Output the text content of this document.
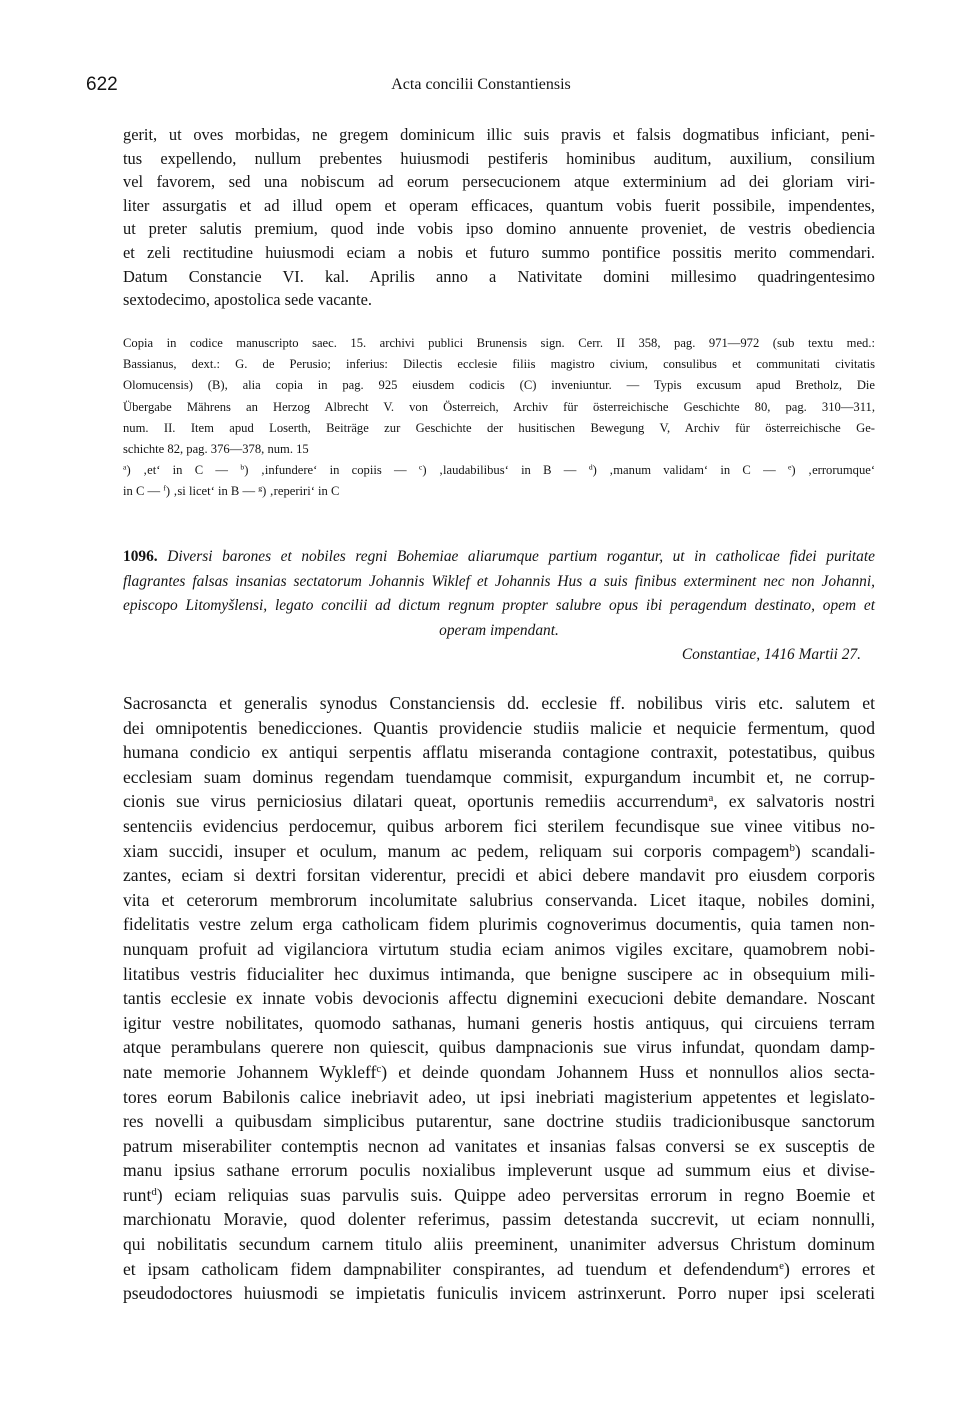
622	Acta concilii Constantiensis
gerit, ut oves morbidas, ne gregem dominicum illic suis pravis et falsis dogmatibus inficiant, peni-
tus expellendo, nullum prebentes huiusmodi pestiferis hominibus auditum, auxilium, consilium
vel favorem, sed una nobiscum ad eorum persecucionem atque exterminium ad dei gloriam viri-
liter assurgatis et ad illud opem et operam efficaces, quantum vobis fuerit possibile, impendentes,
ut preter salutis premium, quod inde vobis ipso domino annuente proveniet, de vestris obediencia
et zeli rectitudine huiusmodi eciam a nobis et futuro summo pontifice possitis merito commendari.
Datum Constancie VI. kal. Aprilis anno a Nativitate domini millesimo quadringentesimo
sextodecimo, apostolica sede vacante.
Copia in codice manuscripto saec. 15. archivi publici Brunensis sign. Cerr. II 358, pag. 971—972 (sub textu med.:
Bassianus, dext.: G. de Perusio; inferius: Dilectis ecclesie filiis magistro civium, consulibus et communitati civitatis
Olomucensis) (B), alia copia in pag. 925 eiusdem codicis (C) inveniuntur. — Typis excusum apud Bretholz, Die
Übergabe Mährens an Herzog Albrecht V. von Österreich, Archiv für österreichische Geschichte 80, pag. 310—311,
num. II. Item apud Loserth, Beiträge zur Geschichte der husitischen Bewegung V, Archiv für österreichische Ge-
schichte 82, pag. 376—378, num. 15
$^a$) ‚et‘ in C — $^b$) ‚infundere‘ in copiis — $^c$) ‚laudabilibus‘ in B — $^d$) ‚manum validam‘ in C — $^e$) ‚errorumque‘
in C — $^f$) ‚si licet‘ in B — $^g$) ‚reperiri‘ in C
1096. Diversi barones et nobiles regni Bohemiae aliarumque partium rogantur, ut in catholicae fidei puritate
flagrantes falsas insanias sectatorum Johannis Wiklef et Johannis Hus a suis finibus exterminent nec non Johanni,
episcopo Litomyšlensi, legato concilii ad dictum regnum propter salubre opus ibi peragendum destinato, opem et
operam impendant.
Constantiae, 1416 Martii 27.
Sacrosancta et generalis synodus Constanciensis dd. ecclesie ff. nobilibus viris etc. salutem et
dei omnipotentis benedicciones. Quantis providencie studiis malicie et nequicie fermentum, quod
humana condicio ex antiqui serpentis afflatu miseranda contagione contraxit, potestatibus, quibus
ecclesiam suam dominus regendam tuendamque commisit, expurgandum incumbit et, ne corrup-
cionis sue virus perniciosius dilatari queat, oportunis remediis accurrendum$^a$, ex salvatoris nostri
sentenciis evidencius perdocemur, quibus arborem fici sterilem fecundisque sue vinee vitibus no-
xiam succidi, insuper et oculum, manum ac pedem, reliquam sui corporis compagem$^b$) scandali-
zantes, eciam si dextri forsitan viderentur, precidi et abici debere mandavit pro eiusdem corporis
vita et ceterorum membrorum incolumitate salubrius conservanda. Licet itaque, nobiles domini,
fidelitatis vestre zelum erga catholicam fidem plurimis cognoverimus documentis, quia tamen non-
nunquam profuit ad vigilanciora virtutum studia eciam animos vigiles excitare, quamobrem nobi-
litatibus vestris fiducialiter hec duximus intimanda, que benigne suscipere ac in obsequium mili-
tantis ecclesie ex innate vobis devocionis affectu dignemini execucioni debite demandare. Noscant
igitur vestre nobilitates, quomodo sathanas, humani generis hostis antiquus, qui circuiens terram
atque perambulans querere non quiescit, quibus dampnacionis sue virus infundat, quondam damp-
nate memorie Johannem Wykleff$^c$) et deinde quondam Johannem Huss et nonnullos alios secta-
tores eorum Babilonis calice inebriavit adeo, ut ipsi inebriati magisterium appetentes et legislato-
res novelli a quibusdam simplicibus putarentur, sane doctrine studiis tradicionibusque sanctorum
patrum miserabiliter contemptis necnon ad vanitates et insanias falsas conversi se ex susceptis de
manu ipsius sathane errorum poculis noxialibus impleverunt usque ad summum eius et divise-
runt$^d$) eciam reliquias suas parvulis suis. Quippe adeo perversitas errorum in regno Boemie et
marchionatu Moravie, quod dolenter referimus, passim detestanda succrevit, ut eciam nonnulli,
qui nobilitatis secundum carnem titulo aliis preeminent, unanimiter adversus Christum dominum
et ipsam catholicam fidem dampnabiliter conspirantes, ad tuendum et defendendum$^e$) errores et
pseudodoctores huiusmodi se impietatis funiculis invicem astrinxerunt. Porro nuper ipsi scelerati
